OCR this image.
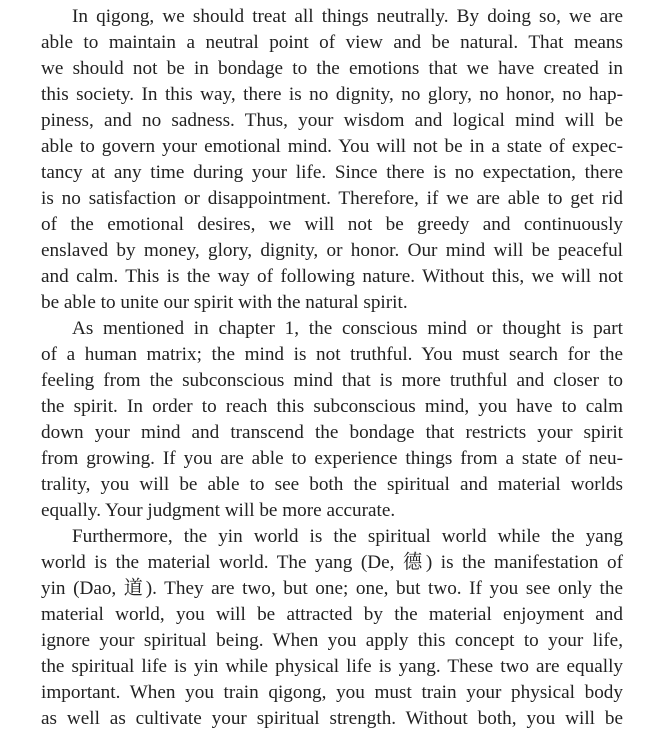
In qigong, we should treat all things neutrally. By doing so, we are
able to maintain a neutral point of view and be natural. That means
we should not be in bondage to the emotions that we have created in
this society. In this way, there is no dignity, no glory, no honor, no hap-
piness, and no sadness. Thus, your wisdom and logical mind will be
able to govern your emotional mind. You will not be in a state of expec-
tancy at any time during your life. Since there is no expectation, there
is no satisfaction or disappointment. Therefore, if we are able to get rid
of the emotional desires, we will not be greedy and continuously
enslaved by money, glory, dignity, or honor. Our mind will be peaceful
and calm. This is the way of following nature. Without this, we will not
be able to unite our spirit with the natural spirit.

As mentioned in chapter 1, the conscious mind or thought is part
of a human matrix; the mind is not truthful. You must search for the
feeling from the subconscious mind that is more truthful and closer to
the spirit. In order to reach this subconscious mind, you have to calm
down your mind and transcend the bondage that restricts your spirit
from growing. If you are able to experience things from a state of neu-
trality, you will be able to see both the spiritual and material worlds
equally. Your judgment will be more accurate.

Furthermore, the yin world is the spiritual world while the yang
world is the material world. The yang (De, 德) is the manifestation of
yin (Dao, 道). They are two, but one; one, but two. If you see only the
material world, you will be attracted by the material enjoyment and
ignore your spiritual being. When you apply this concept to your life,
the spiritual life is yin while physical life is yang. These two are equally
important. When you train qigong, you must train your physical body
as well as cultivate your spiritual strength. Without both, you will be
